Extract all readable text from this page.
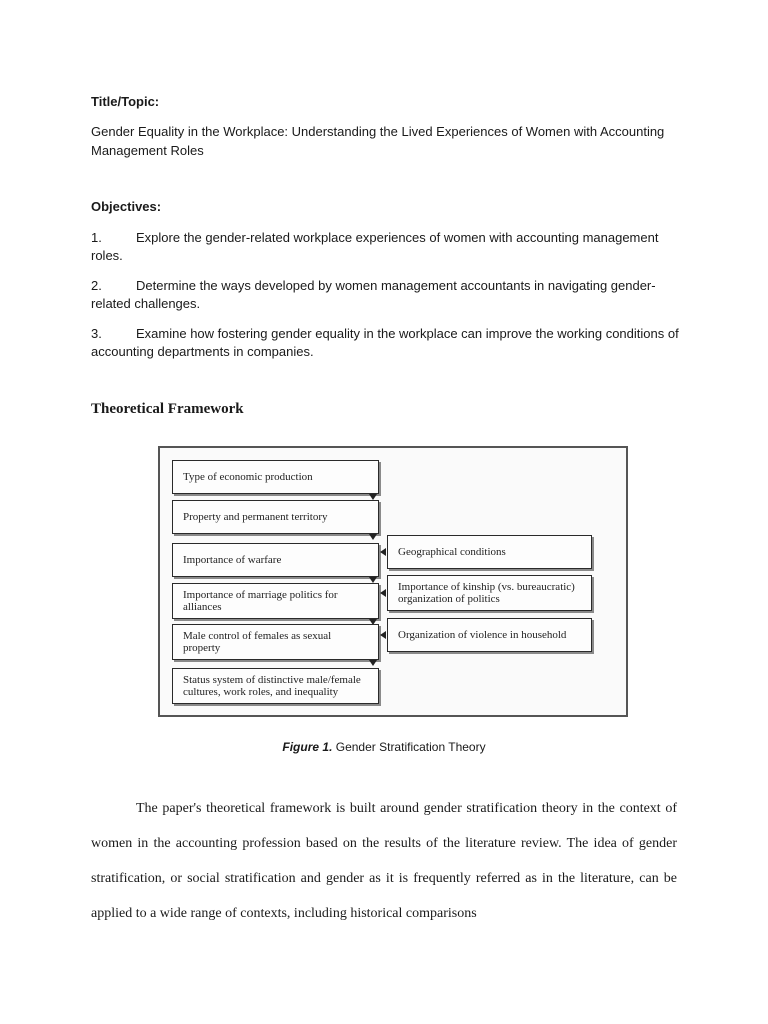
Title/Topic:
Gender Equality in the Workplace: Understanding the Lived Experiences of Women with Accounting Management Roles
Objectives:
1.	Explore the gender-related workplace experiences of women with accounting management roles.
2.	Determine the ways developed by women management accountants in navigating gender-related challenges.
3.	Examine how fostering gender equality in the workplace can improve the working conditions of accounting departments in companies.
Theoretical Framework
Type of economic production
Property and permanent territory
Importance of warfare
Importance of marriage politics for alliances
Male control of females as sexual property
Status system of distinctive male/female cultures, work roles, and inequality
Geographical conditions
Importance of kinship (vs. bureaucratic) organization of politics
Organization of violence in household
Figure 1. Gender Stratification Theory
The paper's theoretical framework is built around gender stratification theory in the context of women in the accounting profession based on the results of the literature review. The idea of gender stratification, or social stratification and gender as it is frequently referred as in the literature, can be applied to a wide range of contexts, including historical comparisons
